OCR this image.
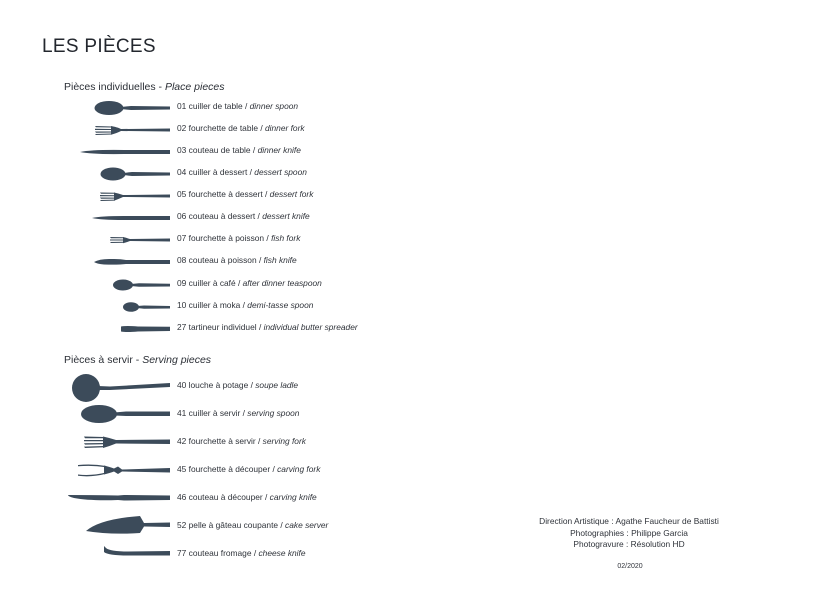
LES PIÈCES
Pièces individuelles - Place pieces
01 cuiller de table / dinner spoon
02 fourchette de table / dinner fork
03 couteau de table / dinner knife
04 cuiller à dessert / dessert spoon
05 fourchette à dessert / dessert fork
06 couteau à dessert / dessert knife
07 fourchette à poisson / fish fork
08 couteau à poisson / fish knife
09 cuiller à café / after dinner teaspoon
10 cuiller à moka / demi-tasse spoon
27 tartineur individuel / individual butter spreader
Pièces à servir - Serving pieces
40 louche à potage / soupe ladle
41 cuiller à servir / serving spoon
42 fourchette à servir / serving fork
45 fourchette à découper / carving fork
46 couteau à découper / carving knife
52 pelle à gâteau coupante / cake server
77 couteau fromage / cheese knife
Direction Artistique : Agathe Faucheur de Battisti
Photographies : Philippe Garcia
Photogravure : Résolution HD
02/2020
